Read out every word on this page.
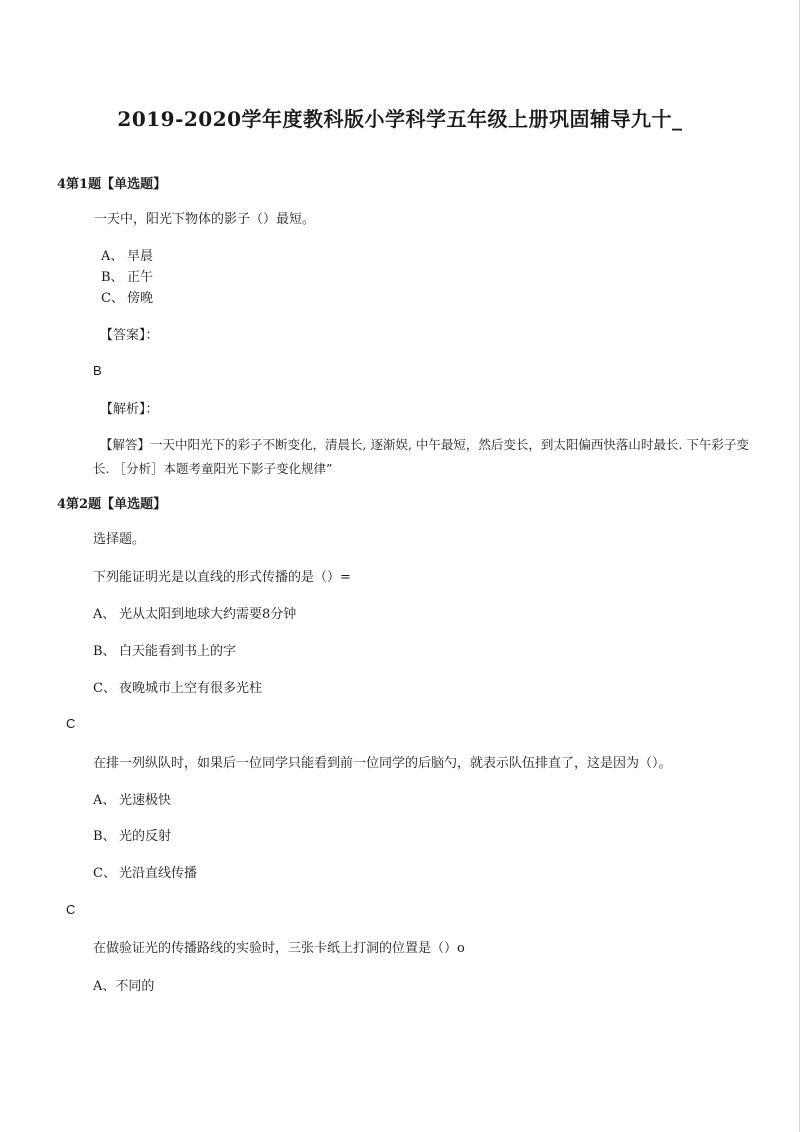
2019-2020学年度教科版小学科学五年级上册巩固辅导九十_
4第1题【单选题】
一天中，阳光下物体的影子（）最短。
A、 早晨
B、 正午
C、 傍晚
【答案】：
B
【解析】：
【解答】一天中阳光下的彩子不断变化，清晨长, 逐渐娱, 中午最短，然后变长，到太阳偏西快落山时最长. 下午彩子变
长. ［分析］本题考童阳光下影子变化规律”
4第2题【单选题】
选择题。
下列能证明光是以直线的形式传播的是（）=
A、 光从太阳到地球大约需要8分钟
B、 白天能看到书上的字
C、 夜晚城市上空有很多光柱
C
在排一列纵队时，如果后一位同学只能看到前一位同学的后脑勺，就表示队伍排直了，这是因为（）。
A、 光速极快
B、 光的反射
C、 光沿直线传播
C
在做验证光的传播路线的实验时，三张卡纸上打洞的位置是（）o
A、不同的
